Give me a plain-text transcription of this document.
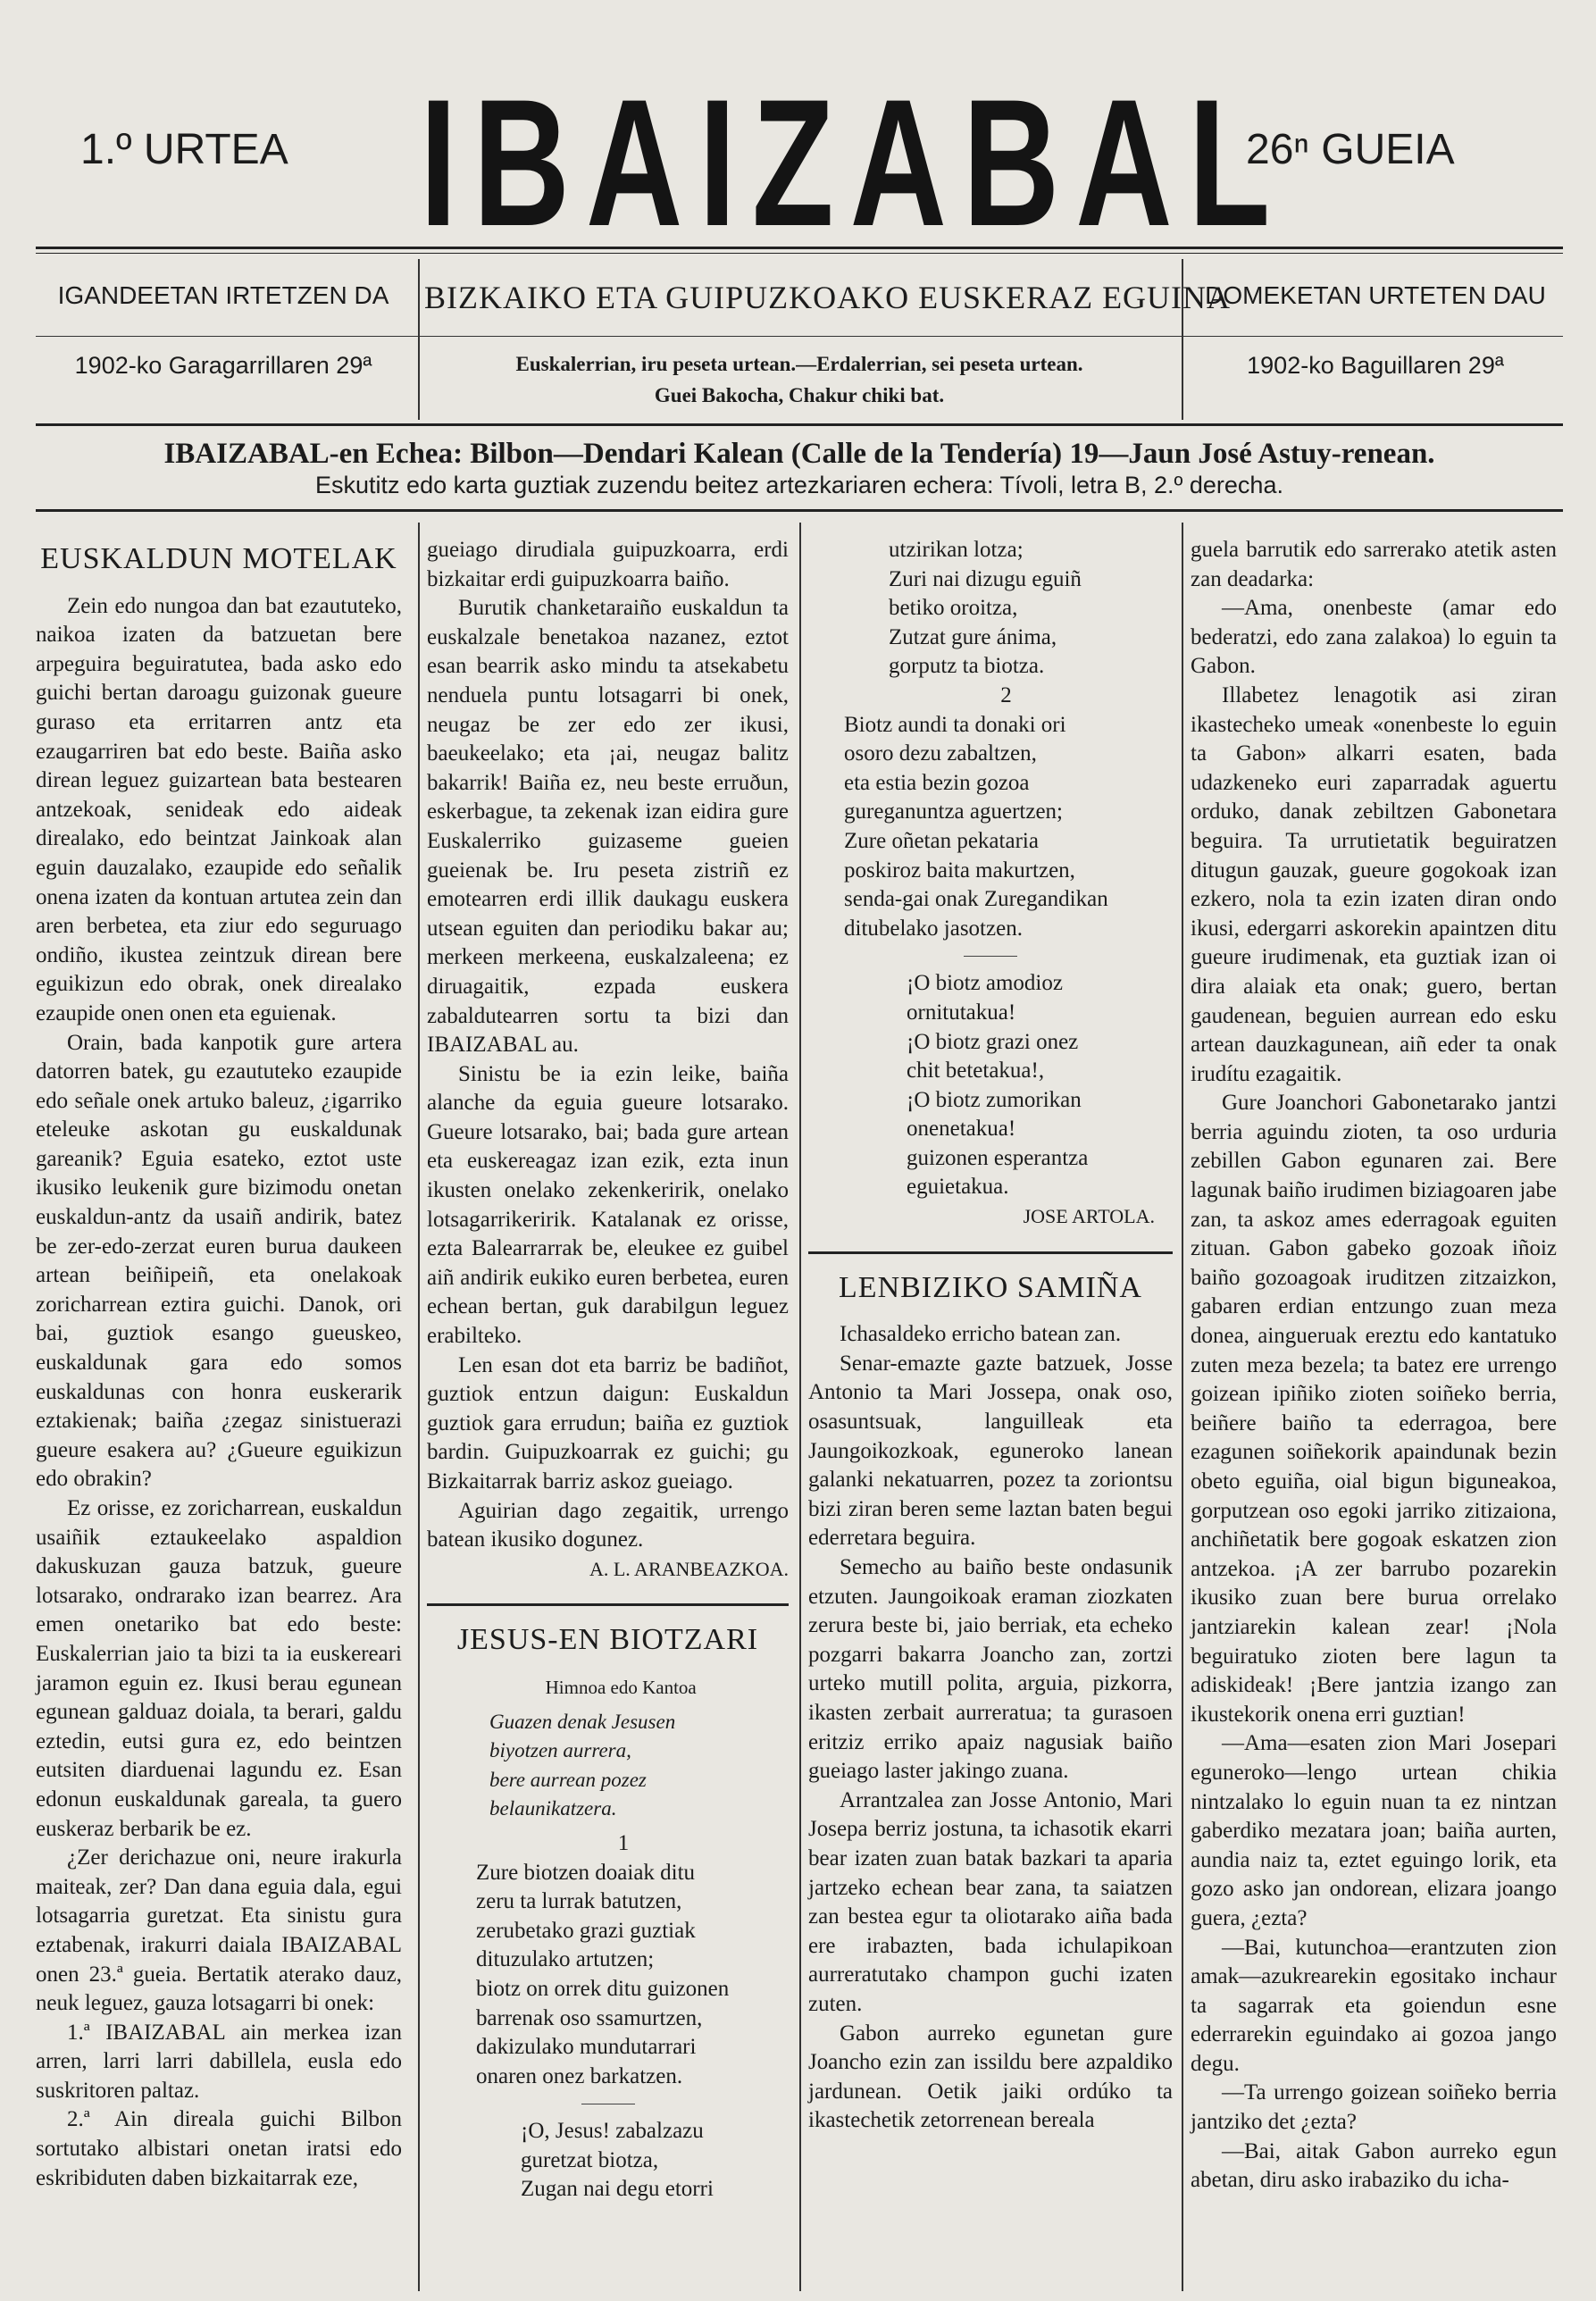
1.º URTEA IBAIZABAL
26ⁿ GUEIA
IGANDEETAN IRTETZEN DA	BIZKAIKO ETA GUIPUZKOAKO EUSKERAZ EGUINA
DOMEKETAN URTETEN DAU
1902-ko Garagarrillaren 29ª	Euskalerrian, iru peseta urtean.—Erdalerrian, sei peseta urtean.
Guei Bakocha, Chakur chiki bat.
1902-ko Baguillaren 29ª
IBAIZABAL-en Echea: Bilbon—Dendari Kalean (Calle de la Tendería) 19—Jaun José Astuy-renean.
Eskutitz edo karta guztiak zuzendu beitez artezkariaren echera: Tívoli, letra B, 2.º derecha.
EUSKALDUN MOTELAK

Zein edo nungoa dan bat ezaututeko, naikoa izaten da batzuetan bere arpeguira beguiratutea, bada asko edo guichi bertan daroagu guizonak gueure guraso eta erritarren antz eta ezaugarriren bat edo beste. Baiña asko direan leguez guizartean bata bestearen antzekoak, senideak edo aideak direalako, edo beintzat Jainkoak alan eguin dauzalako, ezaupide edo señalik onena izaten da kontuan artutea zein dan aren berbetea, eta ziur edo seguruago ondiño, ikustea zeintzuk direan bere eguikizun edo obrak, onek direalako ezaupide onen onen eta eguienak.

Orain, bada kanpotik gure artera datorren batek, gu ezaututeko ezaupide edo señale onek artuko baleuz, ¿igarriko eteleuke askotan gu euskaldunak gareanik? Eguia esateko, eztot uste ikusiko leukenik gure bizimodu onetan euskaldun-antz da usaiñ andirik, batez be zer-edo-zerzat euren burua daukeen artean beiñipeiñ, eta onelakoak zoricharrean eztira guichi. Danok, ori bai, guztiok esango gueuskeo, euskaldunak gara edo somos euskaldunas con honra euskerarik eztakienak; baiña ¿zegaz sinistuerazi gueure esakera au? ¿Gueure eguikizun edo obrakin?

Ez orisse, ez zoricharrean, euskaldun usaiñik eztaukeelako aspaldion dakuskuzan gauza batzuk, gueure lotsarako, ondrarako izan bearrez. Ara emen onetariko bat edo beste: Euskalerrian jaio ta bizi ta ia euskereari jaramon eguin ez. Ikusi berau egunean egunean galduaz doiala, ta berari, galdu eztedin, eutsi gura ez, edo beintzen eutsiten diarduenai lagundu ez. Esan edonun euskaldunak gareala, ta guero euskeraz berbarik be ez.

¿Zer derichazue oni, neure irakurla maiteak, zer? Dan dana eguia dala, egui lotsagarria guretzat. Eta sinistu gura eztabenak, irakurri daiala IBAIZABAL onen 23.ª gueia. Bertatik aterako dauz, neuk leguez, gauza lotsagarri bi onek:

1.ª IBAIZABAL ain merkea izan arren, larri larri dabillela, eusla edo suskritoren paltaz.

2.ª Ain direala guichi Bilbon sortutako albistari onetan iratsi edo eskribiduten daben bizkaitarrak eze,

gueiago dirudiala guipuzkoarra, erdi bizkaitar erdi guipuzkoarra baiño.

Burutik chanketaraiño euskaldun ta euskalzale benetakoa nazanez, eztot esan bearrik asko mindu ta atsekabetu nenduela puntu lotsagarri bi onek, neugaz be zer edo zer ikusi, baeukeelako; eta ¡ai, neugaz balitz bakarrik! Baiña ez, neu beste erruðun, eskerbague, ta zekenak izan eidira gure Euskalerriko guizaseme gueien gueienak be. Iru peseta zistriñ ez emotearren erdi illik daukagu euskera utsean eguiten dan periodiku bakar au; merkeen merkeena, euskalzaleena; ez diruagaitik, ezpada euskera zabaldutearren sortu ta bizi dan IBAIZABAL au.

Sinistu be ia ezin leike, baiña alanche da eguia gueure lotsarako. Gueure lotsarako, bai; bada gure artean eta euskereagaz izan ezik, ezta inun ikusten onelako zekenkeririk, onelako lotsagarrikeririk. Katalanak ez orisse, ezta Balearrarrak be, eleukee ez guibel aiñ andirik eukiko euren berbetea, euren echean bertan, guk darabilgun leguez erabilteko.

Len esan dot eta barriz be badiñot, guztiok entzun daigun: Euskaldun guztiok gara errudun; baiña ez guztiok bardin. Guipuzkoarrak ez guichi; gu Bizkaitarrak barriz askoz gueiago.

Aguirian dago zegaitik, urrengo batean ikusiko dogunez.

A. L. ARANBEAZKOA.

JESUS-EN BIOTZARI

Himnoa edo Kantoa

Guazen denak Jesusen
biyotzen aurrera,
bere aurrean pozez
belaunikatzera.

1

Zure biotzen doaiak ditu
zeru ta lurrak batutzen,
zerubetako grazi guztiak
dituzulako artutzen;
biotz on orrek ditu guizonen
barrenak oso ssamurtzen,
dakizulako mundutarrari
onaren onez barkatzen.
¡O, Jesus! zabalzazu
guretzat biotza,
Zugan nai degu etorri
utzirikan lotza;
Zuri nai dizugu eguiñ
betiko oroitza,
Zutzat gure ánima,
gorputz ta biotza.

2

Biotz aundi ta donaki ori
osoro dezu zabaltzen,
eta estia bezin gozoa
gureganuntza aguertzen;
Zure oñetan pekataria
poskiroz baita makurtzen,
senda-gai onak Zuregandikan
ditubelako jasotzen.
¡O biotz amodioz
ornitutakua!
¡O biotz grazi onez
chit betetakua!,
¡O biotz zumorikan
onenetakua!
guizonen esperantza
eguietakua.

JOSE ARTOLA.

LENBIZIKO SAMIÑA

Ichasaldeko erricho batean zan.

Senar-emazte gazte batzuek, Josse Antonio ta Mari Jossepa, onak oso, osasuntsuak, languilleak eta Jaungoikozkoak, eguneroko lanean galanki nekatuarren, pozez ta zoriontsu bizi ziran beren seme laztan baten begui ederretara beguira.

Semecho au baiño beste ondasunik etzuten. Jaungoikoak eraman ziozkaten zerura beste bi, jaio berriak, eta echeko pozgarri bakarra Joancho zan, zortzi urteko mutill polita, arguia, pizkorra, ikasten zerbait aurreratua; ta gurasoen eritziz erriko apaiz nagusiak baiño gueiago laster jakingo zuana.

Arrantzalea zan Josse Antonio, Mari Josepa berriz jostuna, ta ichasotik ekarri bear izaten zuan batak bazkari ta aparia jartzeko echean bear zana, ta saiatzen zan bestea egur ta oliotarako aiña bada ere irabazten, bada ichulapikoan aurreratutako champon guchi izaten zuten.

Gabon aurreko egunetan gure Joancho ezin zan issildu bere azpaldiko jardunean. Oetik jaiki ordúko ta ikastechetik zetorrenean bereala

guela barrutik edo sarrerako atetik asten zan deadarka:

—Ama, onenbeste (amar edo bederatzi, edo zana zalakoa) lo eguin ta Gabon.

Illabetez lenagotik asi ziran ikastecheko umeak «onenbeste lo eguin ta Gabon» alkarri esaten, bada udazkeneko euri zaparradak aguertu orduko, danak zebiltzen Gabonetara beguira. Ta urrutietatik beguiratzen ditugun gauzak, gueure gogokoak izan ezkero, nola ta ezin izaten diran ondo ikusi, edergarri askorekin apaintzen ditu gueure irudimenak, eta guztiak izan oi dira alaiak eta onak; guero, bertan gaudenean, beguien aurrean edo esku artean dauzkagunean, aiñ eder ta onak irudítu ezagaitik.

Gure Joanchori Gabonetarako jantzi berria aguindu zioten, ta oso urduria zebillen Gabon egunaren zai. Bere lagunak baiño irudimen biziagoaren jabe zan, ta askoz ames ederragoak eguiten zituan. Gabon gabeko gozoak iñoiz baiño gozoagoak iruditzen zitzaizkon, gabaren erdian entzungo zuan meza donea, aingueruak ereztu edo kantatuko zuten meza bezela; ta batez ere urrengo goizean ipiñiko zioten soiñeko berria, beiñere baiño ta ederragoa, bere ezagunen soiñekorik apaindunak bezin obeto eguiña, oial bigun biguneakoa, gorputzean oso egoki jarriko zitizaiona, anchiñetatik bere gogoak eskatzen zion antzekoa. ¡A zer barrubo pozarekin ikusiko zuan bere burua orrelako jantziarekin kalean zear! ¡Nola beguiratuko zioten bere lagun ta adiskideak! ¡Bere jantzia izango zan ikustekorik onena erri guztian!

—Ama—esaten zion Mari Josepari eguneroko—lengo urtean chikia nintzalako lo eguin nuan ta ez nintzan gaberdiko mezatara joan; baiña aurten, aundia naiz ta, eztet eguingo lorik, eta gozo asko jan ondorean, elizara joango guera, ¿ezta?

—Bai, kutunchoa—erantzuten zion amak—azukrearekin egositako inchaur ta sagarrak eta goiendun esne ederrarekin eguindako ai gozoa jango degu.

—Ta urrengo goizean soiñeko berria jantziko det ¿ezta?

—Bai, aitak Gabon aurreko egun abetan, diru asko irabaziko du icha-
